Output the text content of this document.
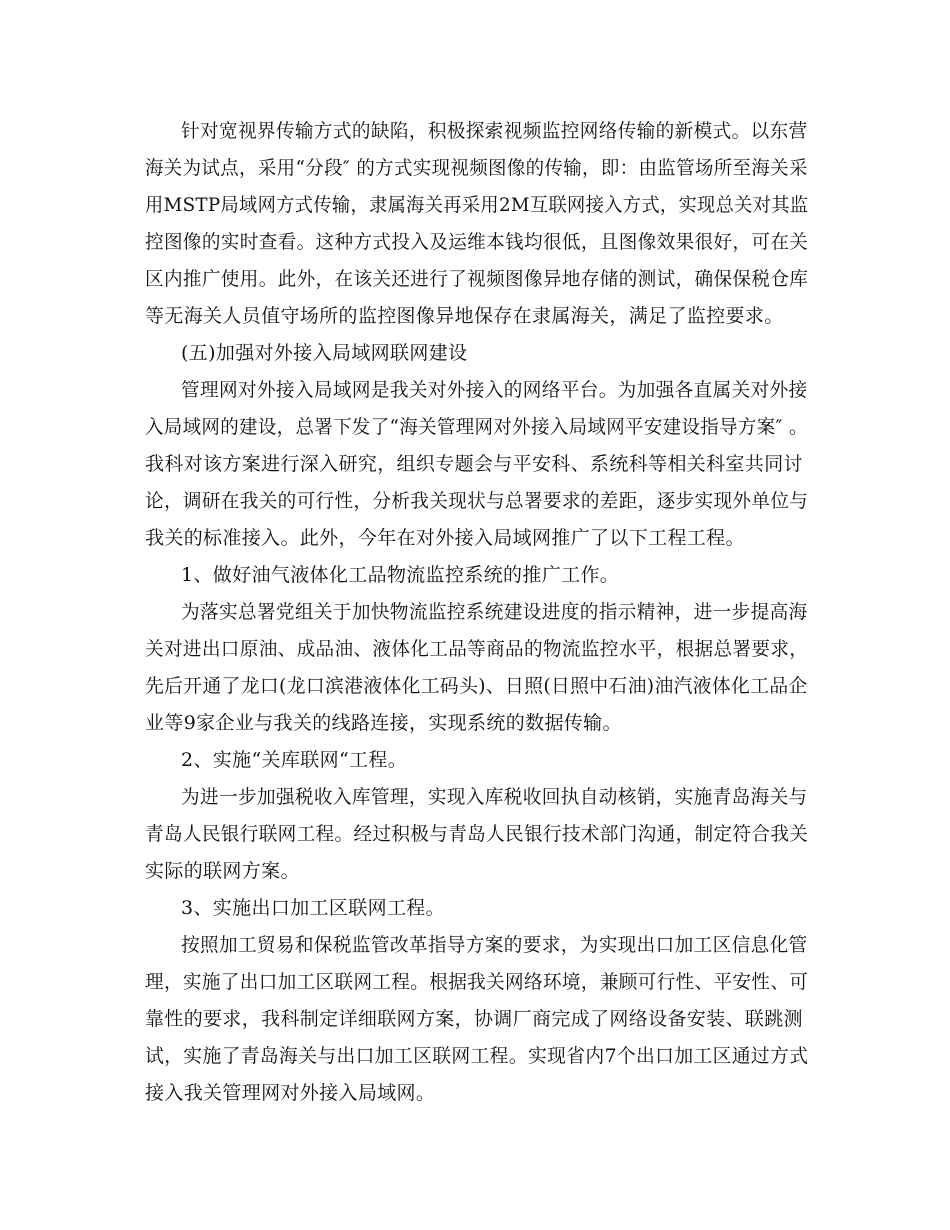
针对宽视界传输方式的缺陷，积极探索视频监控网络传输的新模式。以东营
海关为试点，采用“分段″ 的方式实现视频图像的传输，即：由监管场所至海关采
用MSTP局域网方式传输，隶属海关再采用2M互联网接入方式，实现总关对其监
控图像的实时查看。这种方式投入及运维本钱均很低，且图像效果很好，可在关
区内推广使用。此外，在该关还进行了视频图像异地存储的测试，确保保税仓库
等无海关人员值守场所的监控图像异地保存在隶属海关，满足了监控要求。
(五)加强对外接入局域网联网建设
管理网对外接入局域网是我关对外接入的网络平台。为加强各直属关对外接
入局域网的建设，总署下发了“海关管理网对外接入局域网平安建设指导方案″ 。
我科对该方案进行深入研究，组织专题会与平安科、系统科等相关科室共同讨
论，调研在我关的可行性，分析我关现状与总署要求的差距，逐步实现外单位与
我关的标准接入。此外，今年在对外接入局域网推广了以下工程工程。
1、做好油气液体化工品物流监控系统的推广工作。
为落实总署党组关于加快物流监控系统建设进度的指示精神，进一步提高海
关对进出口原油、成品油、液体化工品等商品的物流监控水平，根据总署要求，
先后开通了龙口(龙口滨港液体化工码头)、日照(日照中石油)油汽液体化工品企
业等9家企业与我关的线路连接，实现系统的数据传输。
2、实施“关库联网“工程。
为进一步加强税收入库管理，实现入库税收回执自动核销，实施青岛海关与
青岛人民银行联网工程。经过积极与青岛人民银行技术部门沟通，制定符合我关
实际的联网方案。
3、实施出口加工区联网工程。
按照加工贸易和保税监管改革指导方案的要求，为实现出口加工区信息化管
理，实施了出口加工区联网工程。根据我关网络环境，兼顾可行性、平安性、可
靠性的要求，我科制定详细联网方案，协调厂商完成了网络设备安装、联跳测
试，实施了青岛海关与出口加工区联网工程。实现省内7个出口加工区通过方式
接入我关管理网对外接入局域网。
